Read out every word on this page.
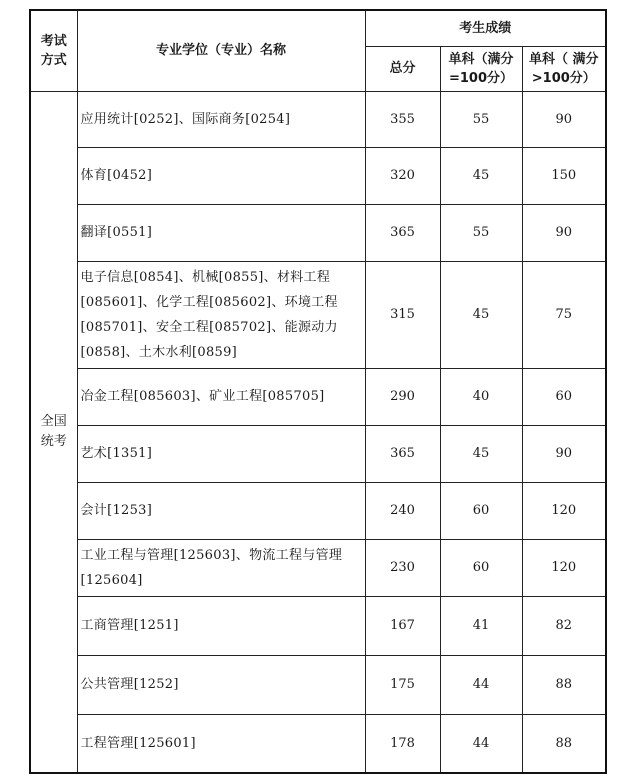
考试方式	专业学位（专业）名称	考生成绩		
		总分	单科（满分=100分）	单科（ 满分>100分）

全国统考	应用统计[0252]、国际商务[0254]	355	55	90
	体育[0452]	320	45	150
	翻译[0551]	365	55	90
	电子信息[0854]、机械[0855]、材料工程[085601]、化学工程[085602]、环境工程[085701]、安全工程[085702]、能源动力[0858]、土木水利[0859]	315	45	75
	冶金工程[085603]、矿业工程[085705]	290	40	60
	艺术[1351]	365	45	90
	会计[1253]	240	60	120
	工业工程与管理[125603]、物流工程与管理[125604]	230	60	120
	工商管理[1251]	167	41	82
	公共管理[1252]	175	44	88
	工程管理[125601]	178	44	88
